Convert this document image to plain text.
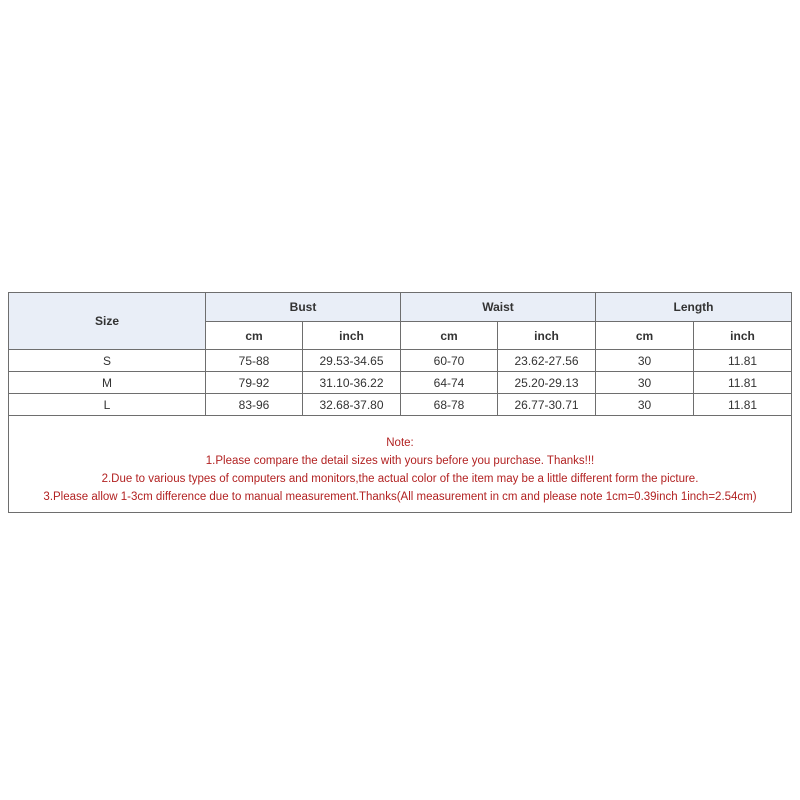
Size	Bust		Waist		Length	
	cm	inch	cm	inch	cm	inch
S	75-88	29.53-34.65	60-70	23.62-27.56	30	11.81
M	79-92	31.10-36.22	64-74	25.20-29.13	30	11.81
L	83-96	32.68-37.80	68-78	26.77-30.71	30	11.81

Note:
1.Please compare the detail sizes with yours before you purchase. Thanks!!!
2.Due to various types of computers and monitors,the actual color of the item may be a little different form the picture.
3.Please allow 1-3cm difference due to manual measurement.Thanks(All measurement in cm and please note 1cm=0.39inch 1inch=2.54cm)						
